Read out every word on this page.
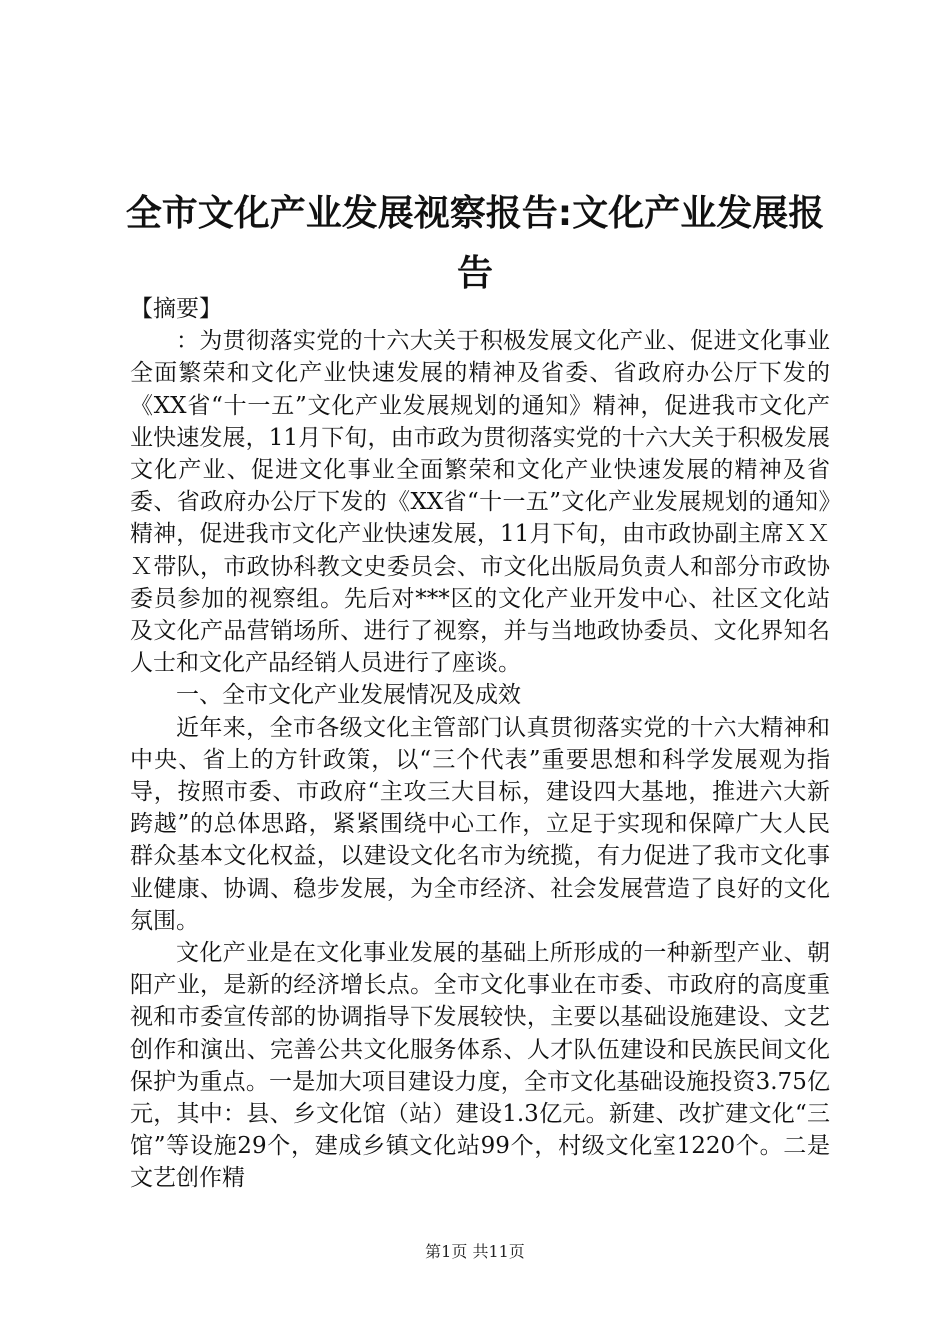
全市文化产业发展视察报告:文化产业发展报告

【摘要】

：为贯彻落实党的十六大关于积极发展文化产业、促进文化事业全面繁荣和文化产业快速发展的精神及省委、省政府办公厅下发的《XX省“十一五”文化产业发展规划的通知》精神，促进我市文化产业快速发展，11月下旬，由市政为贯彻落实党的十六大关于积极发展文化产业、促进文化事业全面繁荣和文化产业快速发展的精神及省委、省政府办公厅下发的《XX省“十一五”文化产业发展规划的通知》精神，促进我市文化产业快速发展，11月下旬，由市政协副主席ＸＸＸ带队，市政协科教文史委员会、市文化出版局负责人和部分市政协委员参加的视察组。先后对***区的文化产业开发中心、社区文化站及文化产品营销场所、进行了视察，并与当地政协委员、文化界知名人士和文化产品经销人员进行了座谈。

一、全市文化产业发展情况及成效

近年来，全市各级文化主管部门认真贯彻落实党的十六大精神和中央、省上的方针政策，以“三个代表”重要思想和科学发展观为指导，按照市委、市政府“主攻三大目标，建设四大基地，推进六大新跨越”的总体思路，紧紧围绕中心工作，立足于实现和保障广大人民群众基本文化权益，以建设文化名市为统揽，有力促进了我市文化事业健康、协调、稳步发展，为全市经济、社会发展营造了良好的文化氛围。

文化产业是在文化事业发展的基础上所形成的一种新型产业、朝阳产业，是新的经济增长点。全市文化事业在市委、市政府的高度重视和市委宣传部的协调指导下发展较快，主要以基础设施建设、文艺创作和演出、完善公共文化服务体系、人才队伍建设和民族民间文化保护为重点。一是加大项目建设力度，全市文化基础设施投资3.75亿元，其中：县、乡文化馆（站）建设1.3亿元。新建、改扩建文化“三馆”等设施29个，建成乡镇文化站99个，村级文化室1220个。二是文艺创作精

第1页 共11页
